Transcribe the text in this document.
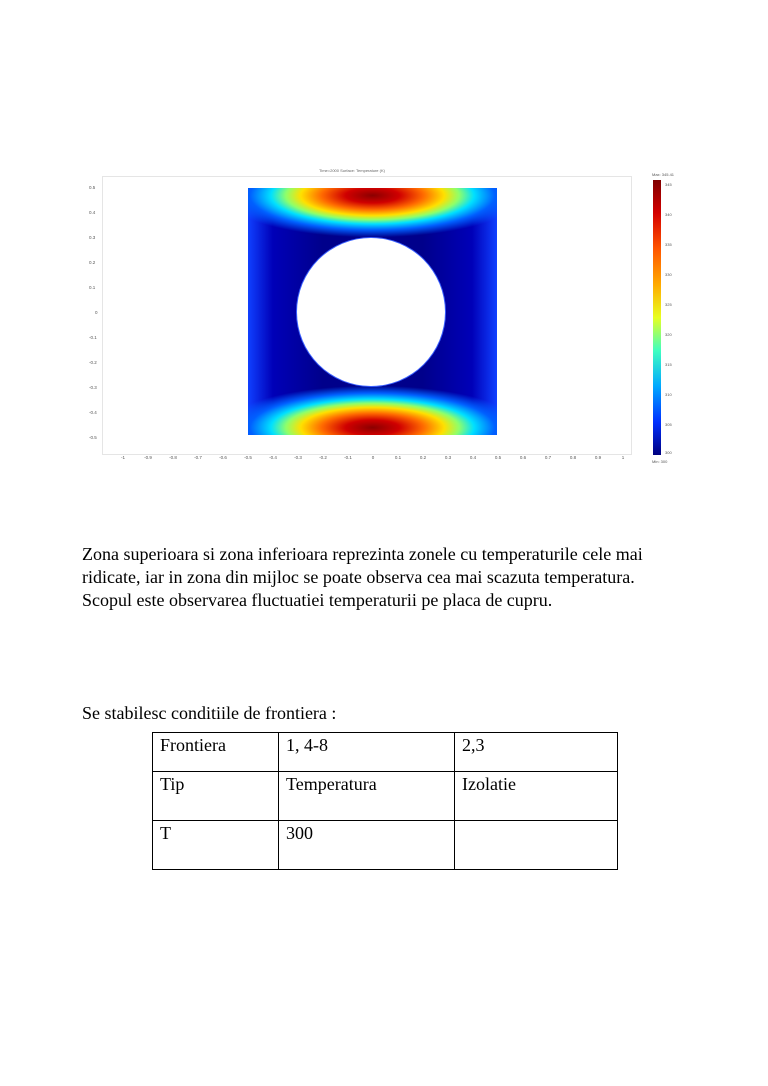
Time=2000 Surface: Temperature (K)
0.5
0.4
0.3
0.2
0.1
0
-0.1
-0.2
-0.3
-0.4
-0.5
-1	-0.9	-0.8	-0.7	-0.6	-0.5	-0.4	-0.3	-0.2	-0.1	0	0.1	0.2	0.3	0.4	0.5	0.6	0.7	0.8	0.9	1
Max: 345.41
Min: 300
345
340
335
330
325
320
315
310
305
300

Zona superioara si zona inferioara reprezinta zonele cu temperaturile cele mai ridicate, iar in zona din mijloc se poate observa cea mai scazuta temperatura. Scopul este observarea fluctuatiei temperaturii pe placa de cupru.

Se stabilesc conditiile de frontiera :

Frontiera	1, 4-8	2,3
Tip	Temperatura	Izolatie
T	300	
